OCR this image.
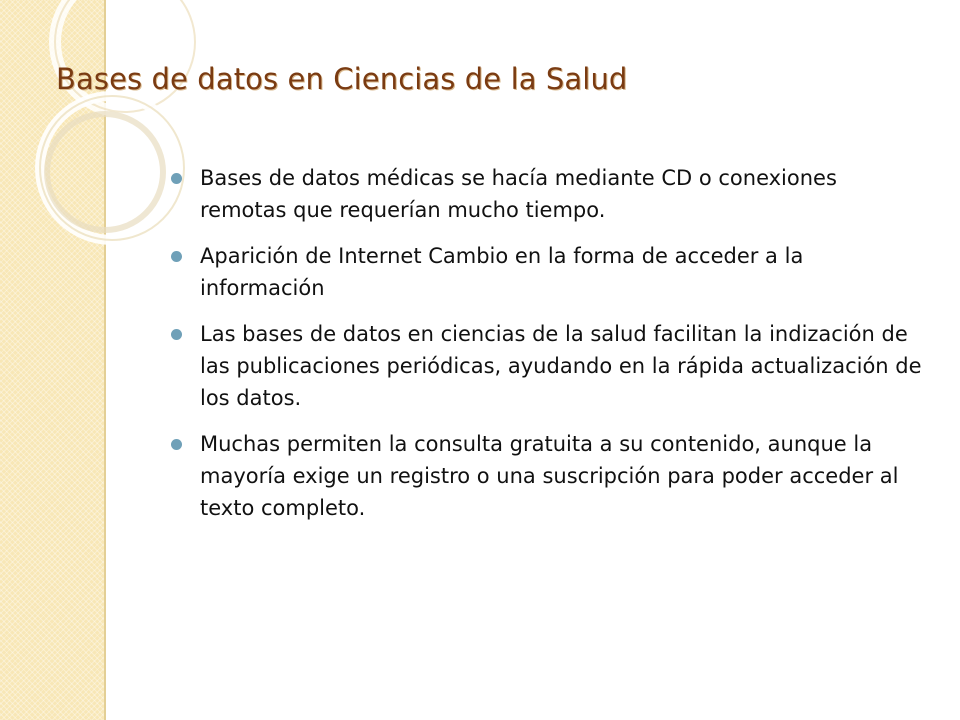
Bases de datos en Ciencias de la Salud
Bases de datos médicas se hacía mediante CD o conexiones remotas que requerían mucho tiempo.
Aparición de Internet Cambio en la forma de acceder a la información
Las bases de datos en ciencias de la salud facilitan la indización de las publicaciones periódicas, ayudando en la rápida actualización de los datos.
Muchas permiten la consulta gratuita a su contenido, aunque la mayoría exige un registro o una suscripción para poder acceder al texto completo.
